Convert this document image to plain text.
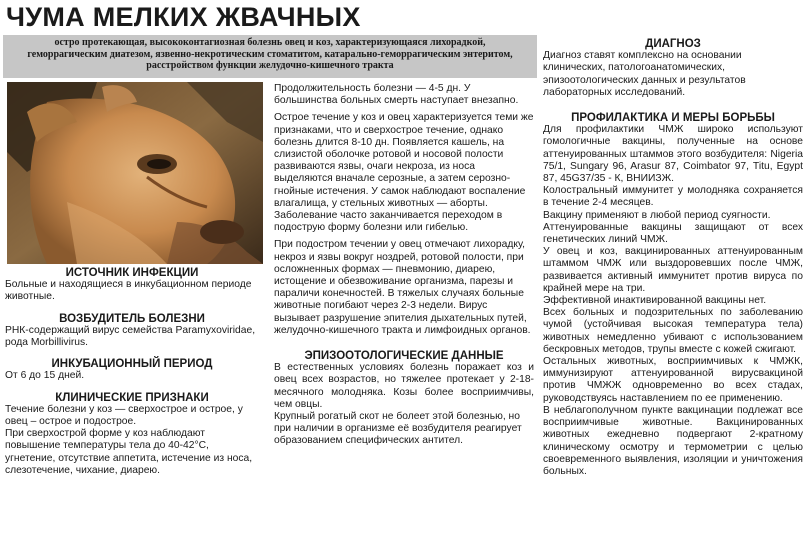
ЧУМА МЕЛКИХ ЖВАЧНЫХ
остро протекающая, высококонтагиозная болезнь овец и коз, характеризующаяся лихорадкой,
геморрагическим диатезом, язвенно-некротическим стоматитом, катарально-геморрагическим энтеритом,
расстройством функции желудочно-кишечного тракта

ИСТОЧНИК ИНФЕКЦИИ

Больные и находящиеся в инкубационном периоде животные.

ВОЗБУДИТЕЛЬ БОЛЕЗНИ

РНК-содержащий вирус семейства Paramyxoviridae, рода Morbillivirus.

ИНКУБАЦИОННЫЙ ПЕРИОД

От 6 до 15 дней.

КЛИНИЧЕСКИЕ ПРИЗНАКИ

Течение болезни у коз — сверхострое и острое, у овец – острое и подострое.

При сверхострой форме у коз наблюдают повышение температуры тела до 40-42°С, угнетение, отсутствие аппетита, истечение из носа, слезотечение, чихание, диарею.

Продолжительность болезни — 4-5 дн. У большинства больных смерть наступает внезапно.

Острое течение у коз и овец характеризуется теми же признаками, что и сверхострое течение, однако болезнь длится 8-10 дн. Появляется кашель, на слизистой оболочке ротовой и носовой полости развиваются язвы, очаги некроза, из носа выделяются вначале серозные, а затем серозно-гнойные истечения. У самок наблюдают воспаление влагалища, у стельных животных — аборты. Заболевание часто заканчивается переходом в подострую форму болезни или гибелью.

При подостром течении у овец отмечают лихорадку, некроз и язвы вокруг ноздрей, ротовой полости, при осложненных формах — пневмонию, диарею, истощение и обезвоживание организма, парезы и параличи конечностей. В тяжелых случаях больные животные погибают через 2-3 недели. Вирус вызывает разрушение эпителия дыхательных путей, желудочно-кишечного тракта и лимфоидных органов.

ЭПИЗООТОЛОГИЧЕСКИЕ ДАННЫЕ

В естественных условиях болезнь поражает коз и овец всех возрастов, но тяжелее протекает у 2-18-месячного молодняка. Козы более восприимчивы, чем овцы.

Крупный рогатый скот не болеет этой болезнью, но при наличии в организме её возбудителя реагирует образованием специфических антител.

ДИАГНОЗ

Диагноз ставят комплексно на основании клинических, патологоанатомических, эпизоотологических данных и результатов лабораторных исследований.

ПРОФИЛАКТИКА И МЕРЫ БОРЬБЫ

Для профилактики ЧМЖ широко используют гомологичные вакцины, полученные на основе аттенуированных штаммов этого возбудителя: Nigeria 75/1, Sungary 96, Arasur 87, Coimbator 97, Titu, Egypt 87, 45G37/35 - К, ВНИИЗЖ.

Колостральный иммунитет у молодняка сохраняется в течение 2-4 месяцев.

Вакцину применяют в любой период суягности.

Аттенуированные вакцины защищают от всех генетических линий ЧМЖ.

У овец и коз, вакцинированных аттенуированным штаммом ЧМЖ или выздоровевших после ЧМЖ, развивается активный иммунитет против вируса по крайней мере на три.

Эффективной инактивированной вакцины нет.

Всех больных и подозрительных по заболеванию чумой (устойчивая высокая температура тела) животных немедленно убивают с использованием бескровных методов, трупы вместе с кожей сжигают.

Остальных животных, восприимчивых к ЧМЖК, иммунизируют аттенуированной вирусвакциной против ЧМЖЖ одновременно во всех стадах, руководствуясь наставлением по ее применению.

В неблагополучном пункте вакцинации подлежат все восприимчивые животные. Вакцинированных животных ежедневно подвергают 2-кратному клиническому осмотру и термометрии с целью своевременного выявления, изоляции и уничтожения больных.
